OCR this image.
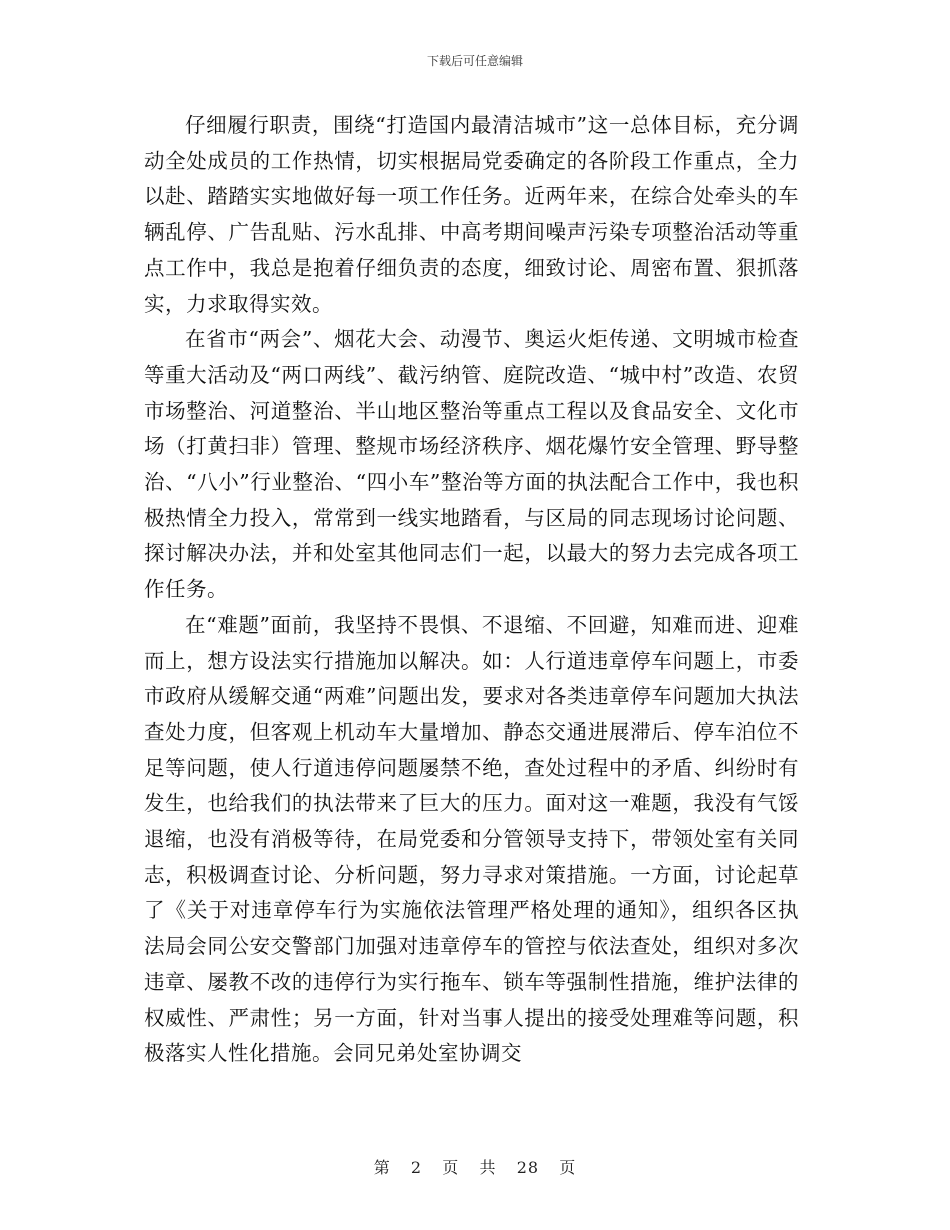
下载后可任意编辑

仔细履行职责，围绕“打造国内最清洁城市”这一总体目标，充分调动全处成员的工作热情，切实根据局党委确定的各阶段工作重点，全力以赴、踏踏实实地做好每一项工作任务。近两年来，在综合处牵头的车辆乱停、广告乱贴、污水乱排、中高考期间噪声污染专项整治活动等重点工作中，我总是抱着仔细负责的态度，细致讨论、周密布置、狠抓落实，力求取得实效。

在省市“两会”、烟花大会、动漫节、奥运火炬传递、文明城市检查等重大活动及“两口两线”、截污纳管、庭院改造、“城中村”改造、农贸市场整治、河道整治、半山地区整治等重点工程以及食品安全、文化市场（打黄扫非）管理、整规市场经济秩序、烟花爆竹安全管理、野导整治、“八小”行业整治、“四小车”整治等方面的执法配合工作中，我也积极热情全力投入，常常到一线实地踏看，与区局的同志现场讨论问题、探讨解决办法，并和处室其他同志们一起，以最大的努力去完成各项工作任务。

在“难题”面前，我坚持不畏惧、不退缩、不回避，知难而进、迎难而上，想方设法实行措施加以解决。如：人行道违章停车问题上，市委市政府从缓解交通“两难”问题出发，要求对各类违章停车问题加大执法查处力度，但客观上机动车大量增加、静态交通进展滞后、停车泊位不足等问题，使人行道违停问题屡禁不绝，查处过程中的矛盾、纠纷时有发生，也给我们的执法带来了巨大的压力。面对这一难题，我没有气馁退缩，也没有消极等待，在局党委和分管领导支持下，带领处室有关同志，积极调查讨论、分析问题，努力寻求对策措施。一方面，讨论起草了《关于对违章停车行为实施依法管理严格处理的通知》，组织各区执法局会同公安交警部门加强对违章停车的管控与依法查处，组织对多次违章、屡教不改的违停行为实行拖车、锁车等强制性措施，维护法律的权威性、严肃性；另一方面，针对当事人提出的接受处理难等问题，积极落实人性化措施。会同兄弟处室协调交

第 2 页 共 28 页
